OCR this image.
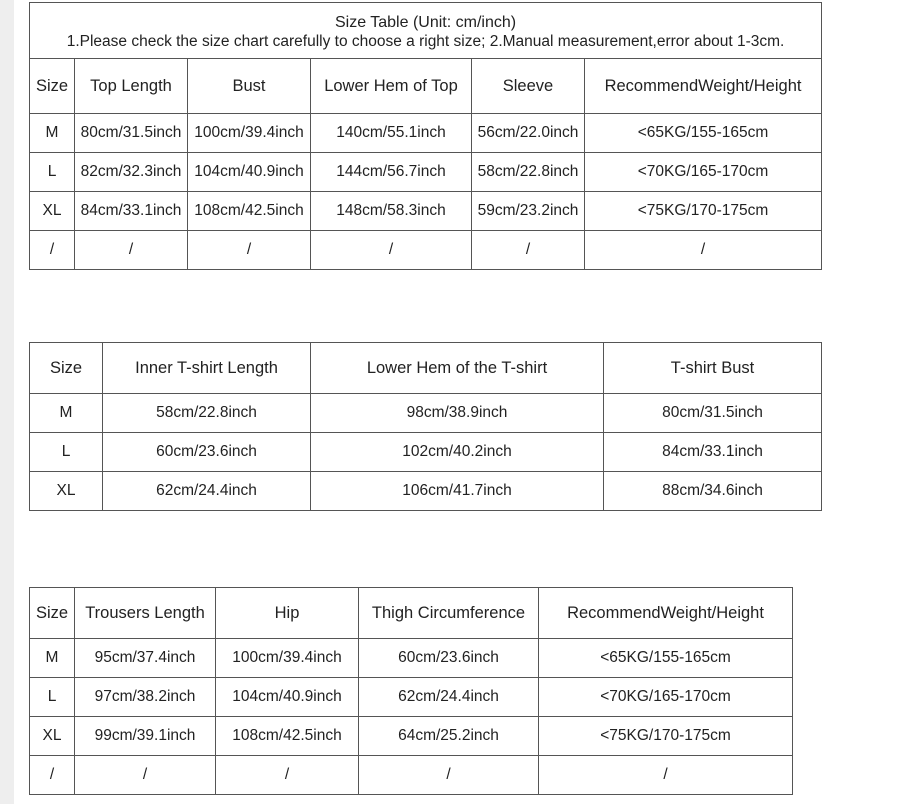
Size Table (Unit: cm/inch)
1.Please check the size chart carefully to choose a right size; 2.Manual measurement,error about 1-3cm.					

Size	Top Length	Bust	Lower Hem of Top	Sleeve	RecommendWeight/Height
M	80cm/31.5inch	100cm/39.4inch	140cm/55.1inch	56cm/22.0inch	<65KG/155-165cm
L	82cm/32.3inch	104cm/40.9inch	144cm/56.7inch	58cm/22.8inch	<70KG/165-170cm
XL	84cm/33.1inch	108cm/42.5inch	148cm/58.3inch	59cm/23.2inch	<75KG/170-175cm
/	/	/	/	/	/
Size	Inner T-shirt Length	Lower Hem of the T-shirt	T-shirt Bust
M	58cm/22.8inch	98cm/38.9inch	80cm/31.5inch
L	60cm/23.6inch	102cm/40.2inch	84cm/33.1inch
XL	62cm/24.4inch	106cm/41.7inch	88cm/34.6inch
Size	Trousers Length	Hip	Thigh Circumference	RecommendWeight/Height
M	95cm/37.4inch	100cm/39.4inch	60cm/23.6inch	<65KG/155-165cm
L	97cm/38.2inch	104cm/40.9inch	62cm/24.4inch	<70KG/165-170cm
XL	99cm/39.1inch	108cm/42.5inch	64cm/25.2inch	<75KG/170-175cm
/	/	/	/	/
